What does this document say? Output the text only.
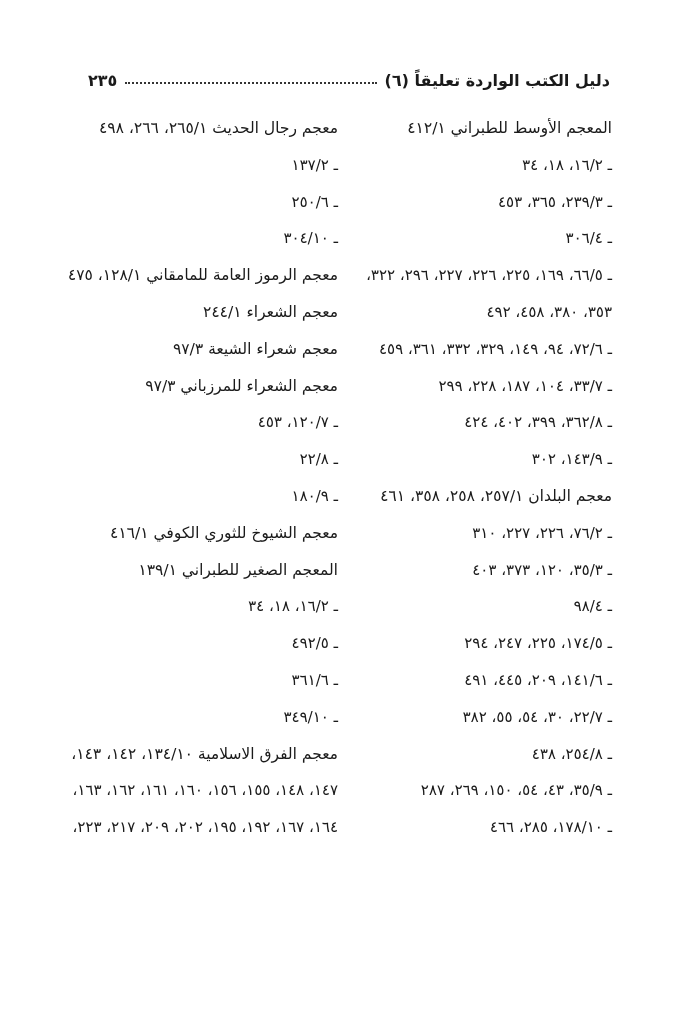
دليل الكتب الواردة تعليقاً (٦)
٢٣٥
المعجم الأوسط للطبراني ٤١٢/١
ـ ١٦/٢، ١٨، ٣٤
ـ ٢٣٩/٣، ٣٦٥، ٤٥٣
ـ ٣٠٦/٤
ـ ٦٦/٥، ١٦٩، ٢٢٥، ٢٢٦، ٢٢٧، ٢٩٦، ٣٢٢،
٣٥٣، ٣٨٠، ٤٥٨، ٤٩٢
ـ ٧٢/٦، ٩٤، ١٤٩، ٣٢٩، ٣٣٢، ٣٦١، ٤٥٩
ـ ٣٣/٧، ١٠٤، ١٨٧، ٢٢٨، ٢٩٩
ـ ٣٦٢/٨، ٣٩٩، ٤٠٢، ٤٢٤
ـ ١٤٣/٩، ٣٠٢
معجم البلدان ٢٥٧/١، ٢٥٨، ٣٥٨، ٤٦١
ـ ٧٦/٢، ٢٢٦، ٢٢٧، ٣١٠
ـ ٣٥/٣، ١٢٠، ٣٧٣، ٤٠٣
ـ ٩٨/٤
ـ ١٧٤/٥، ٢٢٥، ٢٤٧، ٢٩٤
ـ ١٤١/٦، ٢٠٩، ٤٤٥، ٤٩١
ـ ٢٢/٧، ٣٠، ٥٤، ٥٥، ٣٨٢
ـ ٢٥٤/٨، ٤٣٨
ـ ٣٥/٩، ٤٣، ٥٤، ١٥٠، ٢٦٩، ٢٨٧
ـ ١٧٨/١٠، ٢٨٥، ٤٦٦
معجم رجال الحديث ٢٦٥/١، ٢٦٦، ٤٩٨
ـ ١٣٧/٢
ـ ٢٥٠/٦
ـ ٣٠٤/١٠
معجم الرموز العامة للمامقاني ١٢٨/١، ٤٧٥
معجم الشعراء ٢٤٤/١
معجم شعراء الشيعة ٩٧/٣
معجم الشعراء للمرزباني ٩٧/٣
ـ ١٢٠/٧، ٤٥٣
ـ ٢٢/٨
ـ ١٨٠/٩
معجم الشيوخ للثوري الكوفي ٤١٦/١
المعجم الصغير للطبراني ١٣٩/١
ـ ١٦/٢، ١٨، ٣٤
ـ ٤٩٢/٥
ـ ٣٦١/٦
ـ ٣٤٩/١٠
معجم الفرق الاسلامية ١٣٤/١٠، ١٤٢، ١٤٣،
١٤٧، ١٤٨، ١٥٥، ١٥٦، ١٦٠، ١٦١، ١٦٢، ١٦٣،
١٦٤، ١٦٧، ١٩٢، ١٩٥، ٢٠٢، ٢٠٩، ٢١٧، ٢٢٣،
